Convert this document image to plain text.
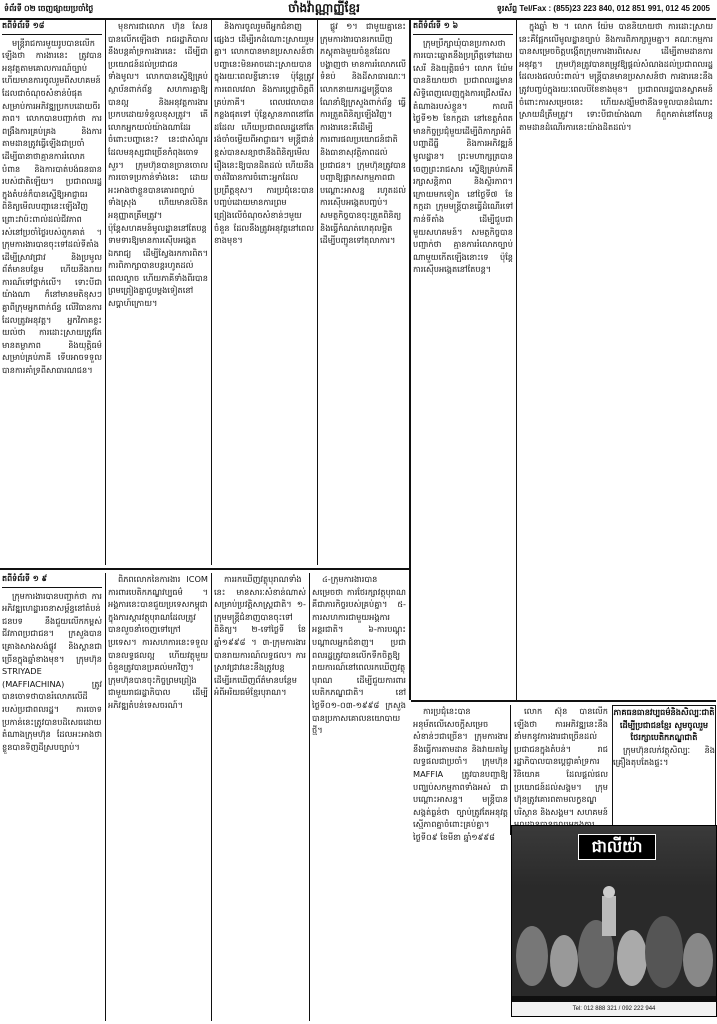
ទំព័រទី ០២ ចេញផ្សាយប្រចាំថ្ងៃ	ចាំងវ៉ាណ្ណាញ្ញីខ្មែរ	ទូរស័ព្ទ Tel/Fax : (855)23 223 840, 012 851 991, 012 45 2005
តពីទំព័រទី ១៨

មន្ត្រីរាជការមួយរូបបានលើកឡើងថា ការងារនេះ ត្រូវបានអនុវត្តតាមគោលការណ៍ច្បាប់ ហើយមានការចូលរួមពីសហគមន៍ ដែលជាចំណុចសំខាន់បំផុត សម្រាប់ការអភិវឌ្ឍប្រកបដោយចីរភាព។ លោកបានបញ្ជាក់ថា ការពង្រឹងការគ្រប់គ្រង និងការតាមដានត្រូវធ្វើឡើងជាប្រចាំ ដើម្បីធានាថាគ្មានការរំលោភបំពាន និងការបាត់បង់ធនធានរបស់ជាតិឡើយ។ ប្រជាពលរដ្ឋក្នុងតំបន់ក៏បានស្នើឱ្យអាជ្ញាធរពិនិត្យមើលបញ្ហានេះឡើងវិញ ព្រោះវាប៉ះពាល់ដល់ជីវភាពរស់នៅប្រចាំថ្ងៃរបស់ពួកគាត់ ។ ក្រុមការងារបានចុះទៅដល់ទីតាំង ដើម្បីស្រាវជ្រាវ និងប្រមូលព័ត៌មានបន្ថែម ហើយនឹងរាយការណ៍ទៅថ្នាក់លើ។ ទោះបីជាយ៉ាងណា ក៏នៅមានមតិខុសៗគ្នាពីក្រុមអ្នកពាក់ព័ន្ធ លើវិធានការដែលត្រូវអនុវត្ត។ អ្នកវិភាគខ្លះយល់ថា ការដោះស្រាយត្រូវតែមានតម្លាភាព និងយុត្តិធម៌ សម្រាប់គ្រប់ភាគី ទើបអាចទទួលបានការគាំទ្រពីសាធារណជន។

មុខការជាលោក ហ៊ុន សែន បានលើកឡើងថា រាជរដ្ឋាភិបាលនឹងបន្តគាំទ្រការងារនេះ ដើម្បីជាប្រយោជន៍ដល់ប្រជាជនទាំងមូល។ លោកបានស្នើឱ្យគ្រប់ស្ថាប័នពាក់ព័ន្ធ សហការគ្នាឱ្យបានល្អ និងអនុវត្តការងារប្រកបដោយទំនួលខុសត្រូវ។ តើលោកអ្នកយល់យ៉ាងណាដែរ ចំពោះបញ្ហានេះ? នេះជាសំណួរដែលមនុស្សជាច្រើនកំពុងចោទសួរ។ ក្រុមហ៊ុនបានច្រានចោលការចោទប្រកាន់ទាំងនេះ ដោយអះអាងថាខ្លួនបានគោរពច្បាប់ទាំងស្រុង ហើយមានលិខិតអនុញ្ញាតត្រឹមត្រូវ។ ប៉ុន្តែសហគមន៍មូលដ្ឋាននៅតែបន្តទាមទារឱ្យមានការស៊ើបអង្កេតឯករាជ្យ ដើម្បីស្វែងរកការពិត។ ការពិភាក្សាបានបន្តរហូតដល់ពេលល្ងាច ហើយភាគីទាំងពីរបានព្រមព្រៀងគ្នាជួបម្តងទៀតនៅសប្តាហ៍ក្រោយ។

និងការចូលរួមពីអ្នកជំនាញផ្សេងៗ ដើម្បីរកដំណោះស្រាយរួមគ្នា។ លោកបានមានប្រសាសន៍ថា បញ្ហានេះមិនអាចដោះស្រាយបានក្នុងរយៈពេលខ្លីនោះទេ ប៉ុន្តែត្រូវការពេលវេលា និងការប្តេជ្ញាចិត្តពីគ្រប់ភាគី។ ពេលវេលាបានកន្លងផុតទៅ ប៉ុន្តែស្ថានភាពនៅតែដដែល ហើយប្រជាពលរដ្ឋនៅតែរង់ចាំចម្លើយពីអាជ្ញាធរ។ មន្ត្រីជាន់ខ្ពស់បានសន្យាថានឹងពិនិត្យមើលរឿងនេះឱ្យបានដិតដល់ ហើយនឹងចាត់វិធានការចំពោះអ្នកដែលប្រព្រឹត្តខុស។ ការប្រជុំនេះបានបញ្ចប់ដោយមានការព្រមព្រៀងលើចំណុចសំខាន់ៗមួយចំនួន ដែលនឹងត្រូវអនុវត្តនៅពេលខាងមុខ។

ផ្លូវ ១។ ជាមួយគ្នានេះ ក្រុមការងារបានរកឃើញភស្តុតាងមួយចំនួនដែលបង្ហាញថា មានការរំលោភលើទំនប់ និងដីសាធារណៈ។ លោកនាយករដ្ឋមន្ត្រីបានណែនាំឱ្យក្រសួងពាក់ព័ន្ធ ធ្វើការត្រួតពិនិត្យឡើងវិញ។ ការងារនេះគឺដើម្បីការពារផលប្រយោជន៍ជាតិ និងធានាសុវត្ថិភាពដល់ប្រជាជន។ ក្រុមហ៊ុនត្រូវបានបញ្ជាឱ្យផ្អាកសកម្មភាពជាបណ្តោះអាសន្ន រហូតដល់ការស៊ើបអង្កេតបញ្ចប់។ សមត្ថកិច្ចបានចុះត្រួតពិនិត្យ និងធ្វើកំណត់ហេតុលម្អិត ដើម្បីបញ្ជូនទៅតុលាការ។

តពីទំព័រទី ១ ៦

ក្រុមប្រឹក្សាឃុំបានប្រកាសថា ការបោះឆ្នោតនឹងប្រព្រឹត្តទៅដោយសេរី និងយុត្តិធម៌។ លោក យ៉ែម បាននិយាយថា ប្រជាពលរដ្ឋមានសិទ្ធិពេញលេញក្នុងការជ្រើសរើសតំណាងរបស់ខ្លួន។ កាលពីថ្ងៃទី១២ ខែកក្កដា នៅខេត្តកំពត មានកិច្ចប្រជុំមួយដើម្បីពិភាក្សាអំពីបញ្ហាដីធ្លី និងការអភិវឌ្ឍន៍មូលដ្ឋាន។ ព្រះមហាក្សត្របានចេញព្រះរាជសារ ស្នើឱ្យគ្រប់ភាគីរក្សាសន្តិភាព និងស្ថិរភាព។ ក្រោយមកទៀត នៅថ្ងៃទី៧ ខែកក្កដា ក្រុមមន្ត្រីបានធ្វើដំណើរទៅកាន់ទីតាំង ដើម្បីជួបជាមួយសហគមន៍។ សមត្ថកិច្ចបានបញ្ជាក់ថា គ្មានការរំលោភច្បាប់ណាមួយកើតឡើងនោះទេ ប៉ុន្តែការស៊ើបអង្កេតនៅតែបន្ត។

ក្នុងឆ្នាំ ២ ។ លោក យ៉ែម បាននិយាយថា ការដោះស្រាយនេះគឺផ្អែកលើមូលដ្ឋានច្បាប់ និងការពិភាក្សារួមគ្នា។ គណៈកម្មការបានសម្រេចចិត្តបង្កើតក្រុមការងារពិសេស ដើម្បីតាមដានការអនុវត្ត។ ក្រុមហ៊ុនត្រូវបានតម្រូវឱ្យផ្តល់សំណងដល់ប្រជាពលរដ្ឋដែលរងផលប៉ះពាល់។ មន្ត្រីបានមានប្រសាសន៍ថា ការងារនេះនឹងត្រូវបញ្ចប់ក្នុងរយៈពេលបីខែខាងមុខ។ ប្រជាពលរដ្ឋបានស្វាគមន៍ចំពោះការសម្រេចនេះ ហើយសង្ឃឹមថានឹងទទួលបានដំណោះស្រាយដ៏ត្រឹមត្រូវ។ ទោះបីជាយ៉ាងណា ក៏ពួកគាត់នៅតែបន្តតាមដានដំណើរការនេះយ៉ាងដិតដល់។

តពីទំព័រទី ១ ៩

ក្រុមការងារបានបញ្ជាក់ថា ការអភិវឌ្ឍហេដ្ឋារចនាសម្ព័ន្ធនៅតំបន់ជនបទ នឹងជួយលើកកម្ពស់ជីវភាពប្រជាជន។ ក្រសួងបានគ្រោងសាងសង់ផ្លូវ និងស្ពានជាច្រើនក្នុងឆ្នាំខាងមុខ។ ក្រុមហ៊ុន STRIYADE (MAFFIACHINA) ត្រូវបានចោទថាបានរំលោភលើដីរបស់ប្រជាពលរដ្ឋ។ ការចោទប្រកាន់នេះត្រូវបានបដិសេធដោយតំណាងក្រុមហ៊ុន ដែលអះអាងថាខ្លួនបានទិញដីស្របច្បាប់។

ពិភពលោកនៃការងារ ICOM ការពារបេតិកភណ្ឌវប្បធម៌ ។ អង្គការនេះបានជួយប្រទេសកម្ពុជាក្នុងការស្តារវត្ថុបុរាណដែលត្រូវបានលួចនាំចេញទៅក្រៅប្រទេស។ ការសហការនេះទទួលបានលទ្ធផលល្អ ហើយវត្ថុមួយចំនួនត្រូវបានប្រគល់មកវិញ។ ក្រុមហ៊ុនបានចុះកិច្ចព្រមព្រៀងជាមួយរាជរដ្ឋាភិបាល ដើម្បីអភិវឌ្ឍតំបន់ទេសចរណ៍។

ការរកឃើញវត្ថុបុរាណទាំងនេះ មានសារៈសំខាន់ណាស់សម្រាប់ប្រវត្តិសាស្ត្រជាតិ។ ១-ក្រុមមន្ត្រីជំនាញបានចុះទៅពិនិត្យ។ ២-ទៅថ្ងៃទី ខែ ឆ្នាំ១៩៩៨ ។ ៣-ក្រុមការងារបានរាយការណ៍លទ្ធផល។ ការស្រាវជ្រាវនេះនឹងត្រូវបន្ត ដើម្បីរកឃើញព័ត៌មានបន្ថែមអំពីអរិយធម៌ខ្មែរបុរាណ។

៤-ក្រុមការងារបានសម្រេចថា ការថែរក្សាវត្ថុបុរាណគឺជាភារកិច្ចរបស់គ្រប់គ្នា។ ៥-ការសហការជាមួយអង្គការអន្តរជាតិ។ ៦-ការបណ្តុះបណ្តាលអ្នកជំនាញ។ ប្រជាពលរដ្ឋត្រូវបានលើកទឹកចិត្តឱ្យរាយការណ៍នៅពេលរកឃើញវត្ថុបុរាណ ដើម្បីជួយការពារបេតិកភណ្ឌជាតិ។ នៅថ្ងៃទី០១-០៣-១៩៩៨ ក្រសួងបានប្រកាសគោលនយោបាយថ្មី។

ការប្រជុំនេះបានអនុម័តលើសេចក្តីសម្រេចសំខាន់ៗជាច្រើន។ ក្រុមការងារនឹងធ្វើការតាមដាន និងវាយតម្លៃលទ្ធផលជាប្រចាំ។ ក្រុមហ៊ុន MAFFIA ត្រូវបានបញ្ជាឱ្យបញ្ឈប់សកម្មភាពទាំងអស់ ជាបណ្តោះអាសន្ន។ មន្ត្រីបានសង្កត់ធ្ងន់ថា ច្បាប់ត្រូវតែអនុវត្តស្មើភាពគ្នាចំពោះគ្រប់គ្នា។ ថ្ងៃទី០៩ ខែមីនា ឆ្នាំ១៩៩៨

លោក ស៊ុន បានលើកឡើងថា ការអភិវឌ្ឍនេះនឹងនាំមកនូវការងារជាច្រើនដល់ប្រជាជនក្នុងតំបន់។ រាជរដ្ឋាភិបាលបានប្តេជ្ញាគាំទ្រការវិនិយោគ ដែលផ្តល់ផលប្រយោជន៍ដល់សង្គម។ ក្រុមហ៊ុនត្រូវគោរពតាមលក្ខខណ្ឌបរិស្ថាន និងសង្គម។ សហគមន៍

ភាគធនធានវប្បធម៌និងសិល្បៈជាតិ
ដើម្បីប្រជាជនខ្មែរ សូមចូលរួមថែរក្សាបេតិកភណ្ឌជាតិ

ក្រុមហ៊ុនលក់វត្ថុសិល្បៈ និងគ្រឿងតុបតែងផ្ទះ។

ជាលីយ៉ា
Tel: 012 888 321 / 092 222 944
